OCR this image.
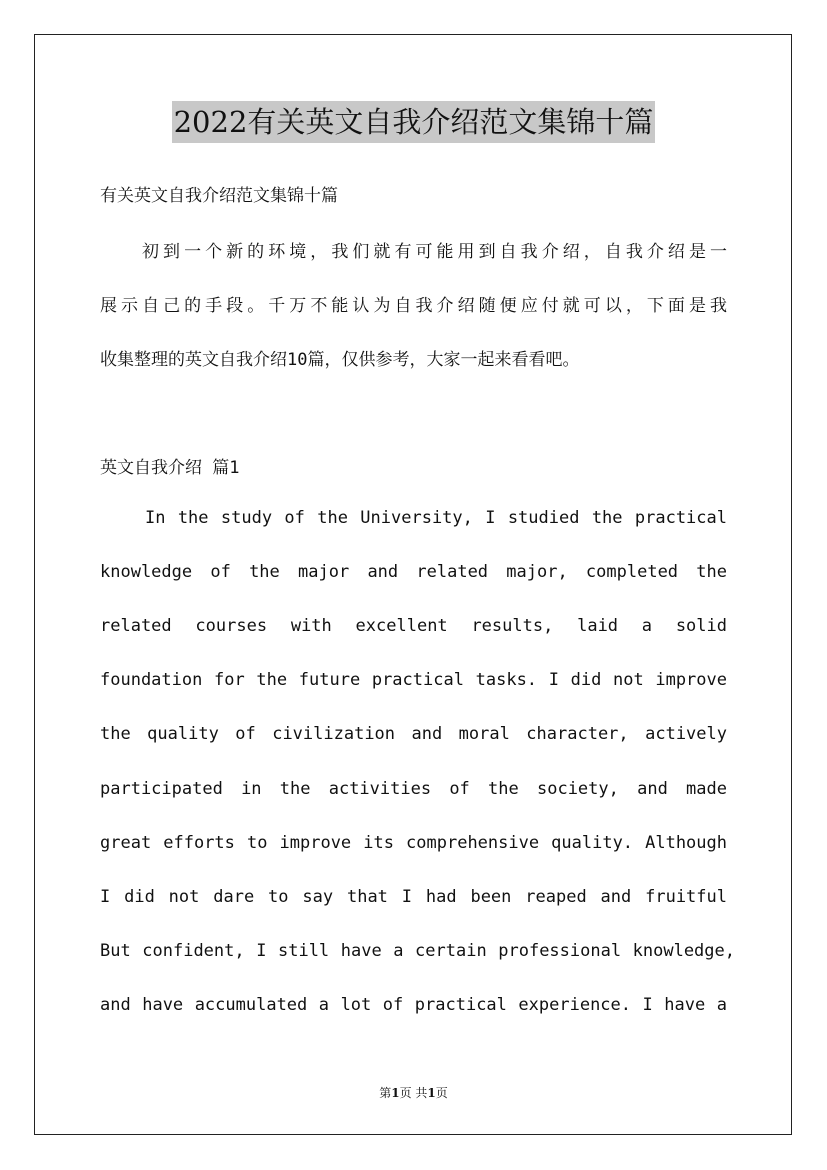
2022有关英文自我介绍范文集锦十篇
有关英文自我介绍范文集锦十篇
初到一个新的环境，我们就有可能用到自我介绍，自我介绍是一
展示自己的手段。千万不能认为自我介绍随便应付就可以，下面是我
收集整理的英文自我介绍10篇，仅供参考，大家一起来看看吧。
英文自我介绍 篇1
In the study of the University, I studied the practical
knowledge of the major and related major, completed the
related courses with excellent results, laid a solid
foundation for the future practical tasks. I did not improve
the quality of civilization and moral character, actively
participated in the activities of the society, and made
great efforts to improve its comprehensive quality. Although
I did not dare to say that I had been reaped and fruitful
But confident, I still have a certain professional knowledge,
and have accumulated a lot of practical experience. I have a
第1页 共1页
